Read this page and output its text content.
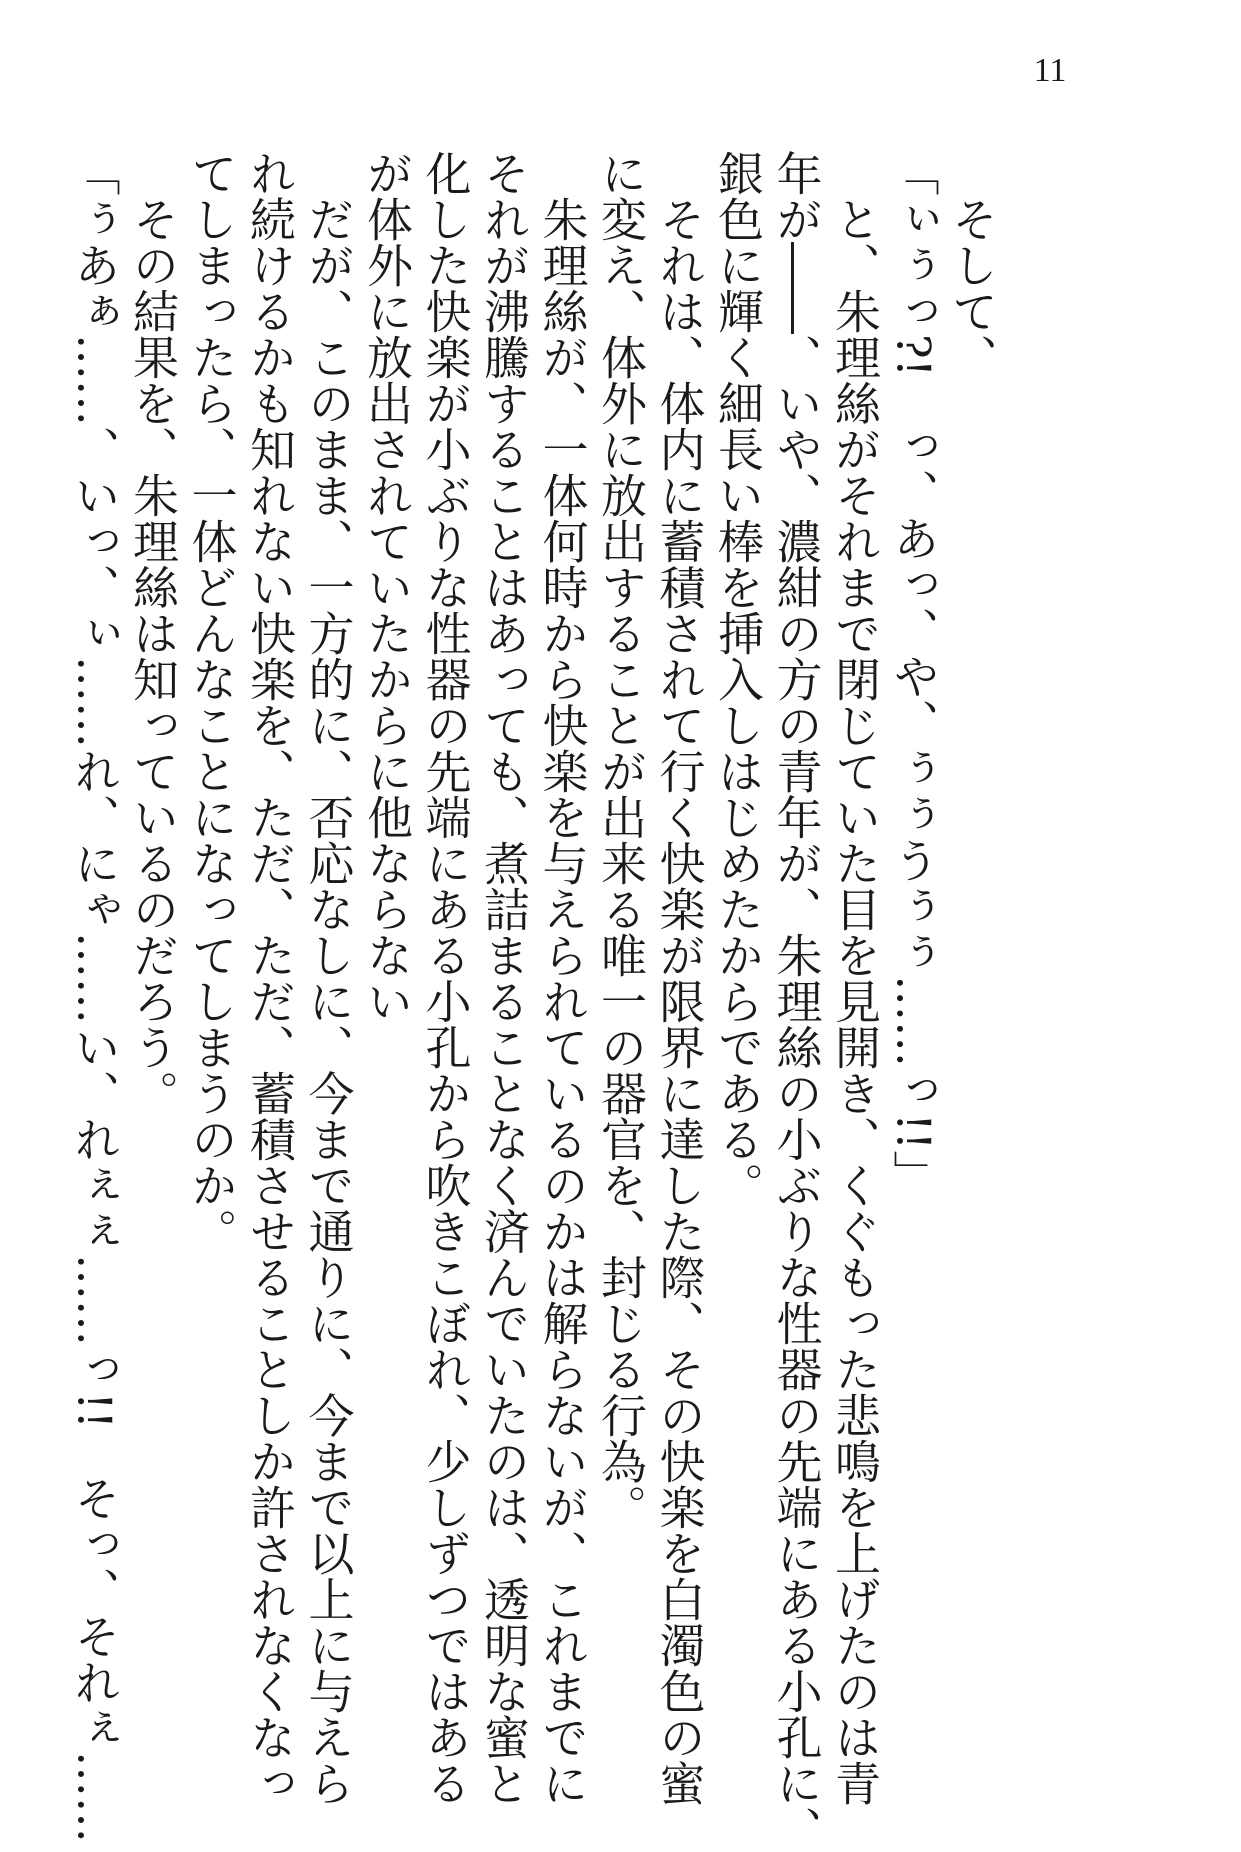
11

　そして、

「ぃぅっ?!　っ、あっ、や、ぅぅうぅぅ……っ!!」

　と、朱理絲がそれまで閉じていた目を見開き、くぐもった悲鳴を上げたのは青

年が――、いや、濃紺の方の青年が、朱理絲の小ぶりな性器の先端にある小孔に、

銀色に輝く細長い棒を挿入しはじめたからである。

　それは、体内に蓄積されて行く快楽が限界に達した際、その快楽を白濁色の蜜

に変え、体外に放出することが出来る唯一の器官を、封じる行為。

　朱理絲が、一体何時から快楽を与えられているのかは解らないが、これまでに

それが沸騰することはあっても、煮詰まることなく済んでいたのは、透明な蜜と

化した快楽が小ぶりな性器の先端にある小孔から吹きこぼれ、少しずつではある

が体外に放出されていたからに他ならない

　だが、このまま、一方的に、否応なしに、今まで通りに、今まで以上に与えら

れ続けるかも知れない快楽を、ただ、ただ、蓄積させることしか許されなくなっ

てしまったら、一体どんなことになってしまうのか。

　その結果を、朱理絲は知っているのだろう。

「ぅあぁ……、いっ、ぃ……れ、にゃ……い、れぇぇ……っ!!　そっ、それぇ……
